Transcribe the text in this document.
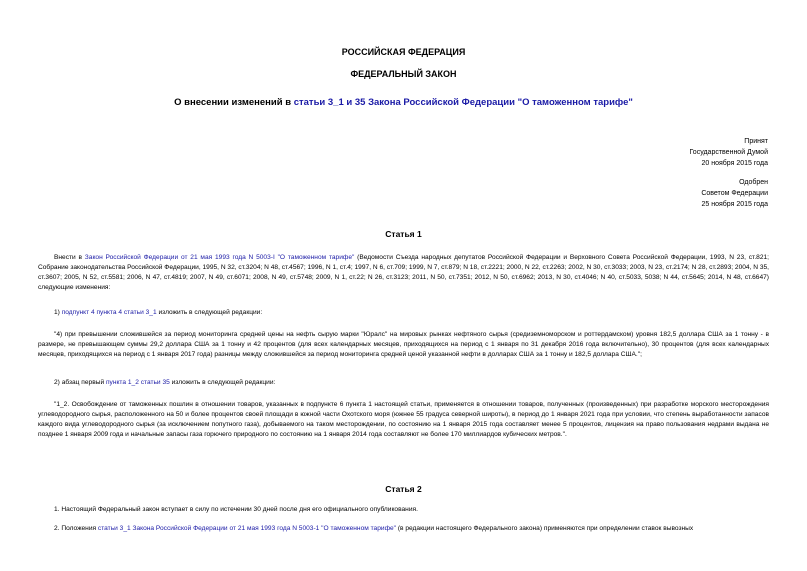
РОССИЙСКАЯ ФЕДЕРАЦИЯ
ФЕДЕРАЛЬНЫЙ ЗАКОН
О внесении изменений в статьи 3_1 и 35 Закона Российской Федерации "О таможенном тарифе"
Принят
Государственной Думой
20 ноября 2015 года
Одобрен
Советом Федерации
25 ноября 2015 года
Статья 1

Внести в Закон Российской Федерации от 21 мая 1993 года N 5003-I "О таможенном тарифе" (Ведомости Съезда народных депутатов Российской Федерации и Верховного Совета Российской Федерации, 1993, N 23, ст.821; Собрание законодательства Российской Федерации, 1995, N 32, ст.3204; N 48, ст.4567; 1996, N 1, ст.4; 1997, N 6, ст.709; 1999, N 7, ст.879; N 18, ст.2221; 2000, N 22, ст.2263; 2002, N 30, ст.3033; 2003, N 23, ст.2174; N 28, ст.2893; 2004, N 35, ст.3607; 2005, N 52, ст.5581; 2006, N 47, ст.4819; 2007, N 49, ст.6071; 2008, N 49, ст.5748; 2009, N 1, ст.22; N 26, ст.3123; 2011, N 50, ст.7351; 2012, N 50, ст.6962; 2013, N 30, ст.4046; N 40, ст.5033, 5038; N 44, ст.5645; 2014, N 48, ст.6647) следующие изменения:

1) подпункт 4 пункта 4 статьи 3_1 изложить в следующей редакции:

"4) при превышении сложившейся за период мониторинга средней цены на нефть сырую марки "Юралс" на мировых рынках нефтяного сырья (средиземноморском и роттердамском) уровня 182,5 доллара США за 1 тонну - в размере, не превышающем суммы 29,2 доллара США за 1 тонну и 42 процентов (для всех календарных месяцев, приходящихся на период с 1 января по 31 декабря 2016 года включительно), 30 процентов (для всех календарных месяцев, приходящихся на период с 1 января 2017 года) разницы между сложившейся за период мониторинга средней ценой указанной нефти в долларах США за 1 тонну и 182,5 доллара США.";

2) абзац первый пункта 1_2 статьи 35 изложить в следующей редакции:

"1_2. Освобождение от таможенных пошлин в отношении товаров, указанных в подпункте 6 пункта 1 настоящей статьи, применяется в отношении товаров, полученных (произведенных) при разработке морского месторождения углеводородного сырья, расположенного на 50 и более процентов своей площади в южной части Охотского моря (южнее 55 градуса северной широты), в период до 1 января 2021 года при условии, что степень выработанности запасов каждого вида углеводородного сырья (за исключением попутного газа), добываемого на таком месторождении, по состоянию на 1 января 2015 года составляет менее 5 процентов, лицензия на право пользования недрами выдана не позднее 1 января 2009 года и начальные запасы газа горючего природного по состоянию на 1 января 2014 года составляют не более 170 миллиардов кубических метров.".

Статья 2

1. Настоящий Федеральный закон вступает в силу по истечении 30 дней после дня его официального опубликования.

2. Положения статьи 3_1 Закона Российской Федерации от 21 мая 1993 года N 5003-1 "О таможенном тарифе" (в редакции настоящего Федерального закона) применяются при определении ставок вывозных
